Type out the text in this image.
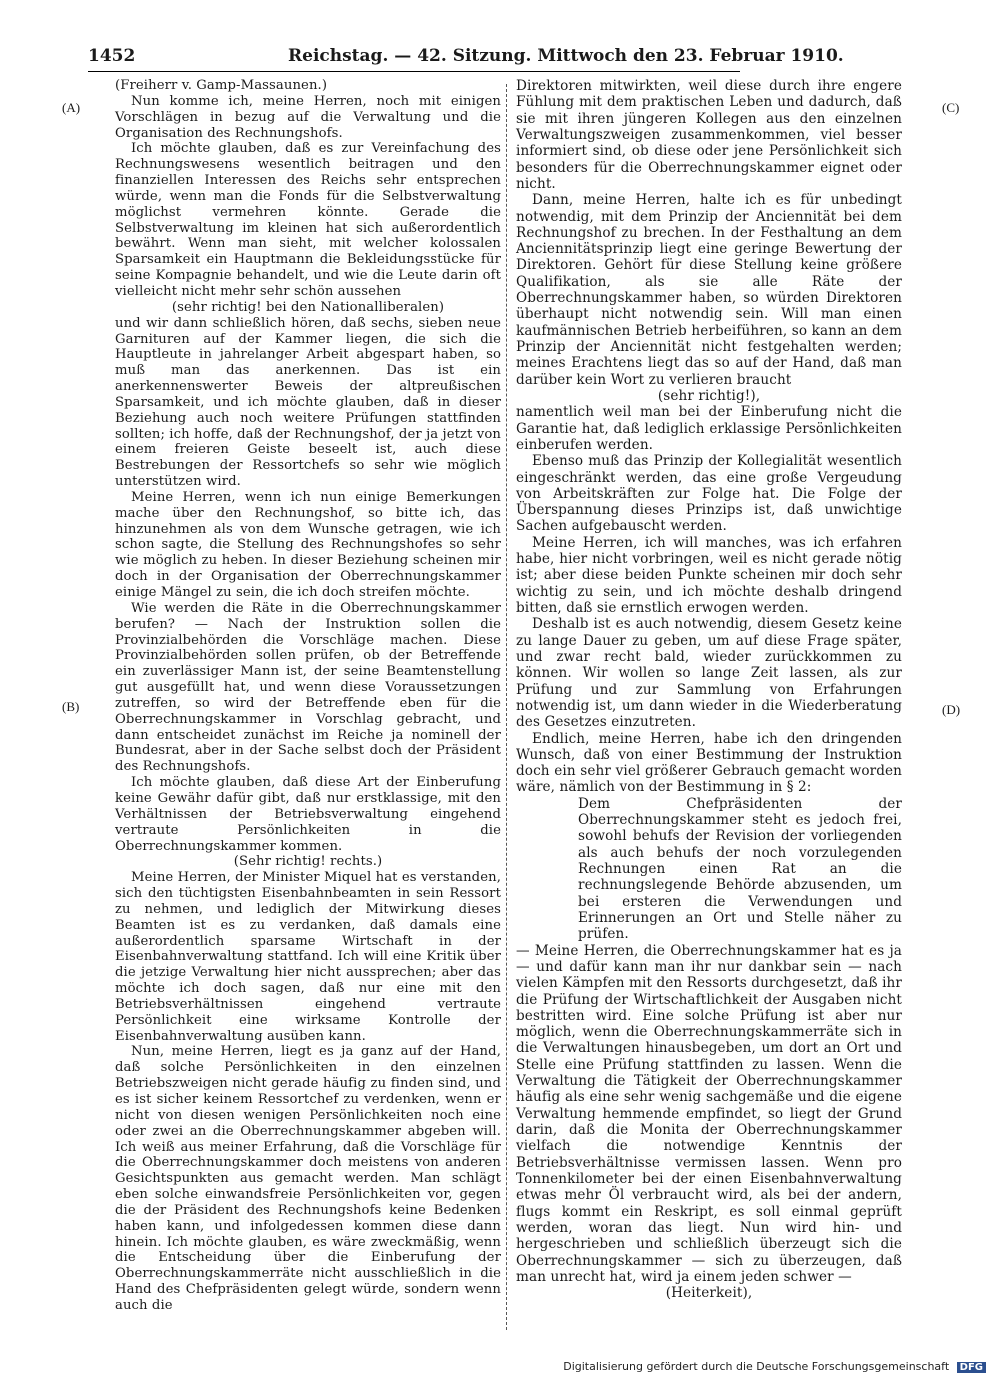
1452	Reichstag. — 42. Sitzung. Mittwoch den 23. Februar 1910.
(A)
(B)
(C)
(D)

(Freiherr v. Gamp-Massaunen.)

Nun komme ich, meine Herren, noch mit einigen Vorschlägen in bezug auf die Verwaltung und die Organisation des Rechnungshofs.

Ich möchte glauben, daß es zur Vereinfachung des Rechnungswesens wesentlich beitragen und den finanziellen Interessen des Reichs sehr entsprechen würde, wenn man die Fonds für die Selbstverwaltung möglichst vermehren könnte. Gerade die Selbstverwaltung im kleinen hat sich außerordentlich bewährt. Wenn man sieht, mit welcher kolossalen Sparsamkeit ein Hauptmann die Bekleidungsstücke für seine Kompagnie behandelt, und wie die Leute darin oft vielleicht nicht mehr sehr schön aussehen

(sehr richtig! bei den Nationalliberalen)

und wir dann schließlich hören, daß sechs, sieben neue Garnituren auf der Kammer liegen, die sich die Hauptleute in jahrelanger Arbeit abgespart haben, so muß man das anerkennen. Das ist ein anerkennenswerter Beweis der altpreußischen Sparsamkeit, und ich möchte glauben, daß in dieser Beziehung auch noch weitere Prüfungen stattfinden sollten; ich hoffe, daß der Rechnungshof, der ja jetzt von einem freieren Geiste beseelt ist, auch diese Bestrebungen der Ressortchefs so sehr wie möglich unterstützen wird.

Meine Herren, wenn ich nun einige Bemerkungen mache über den Rechnungshof, so bitte ich, das hinzunehmen als von dem Wunsche getragen, wie ich schon sagte, die Stellung des Rechnungshofes so sehr wie möglich zu heben. In dieser Beziehung scheinen mir doch in der Organisation der Oberrechnungskammer einige Mängel zu sein, die ich doch streifen möchte.

Wie werden die Räte in die Oberrechnungskammer berufen? — Nach der Instruktion sollen die Provinzialbehörden die Vorschläge machen. Diese Provinzialbehörden sollen prüfen, ob der Betreffende ein zuverlässiger Mann ist, der seine Beamtenstellung gut ausgefüllt hat, und wenn diese Voraussetzungen zutreffen, so wird der Betreffende eben für die Oberrechnungskammer in Vorschlag gebracht, und dann entscheidet zunächst im Reiche ja nominell der Bundesrat, aber in der Sache selbst doch der Präsident des Rechnungshofs.

Ich möchte glauben, daß diese Art der Einberufung keine Gewähr dafür gibt, daß nur erstklassige, mit den Verhältnissen der Betriebsverwaltung eingehend vertraute Persönlichkeiten in die Oberrechnungskammer kommen.

(Sehr richtig! rechts.)

Meine Herren, der Minister Miquel hat es verstanden, sich den tüchtigsten Eisenbahnbeamten in sein Ressort zu nehmen, und lediglich der Mitwirkung dieses Beamten ist es zu verdanken, daß damals eine außerordentlich sparsame Wirtschaft in der Eisenbahnverwaltung stattfand. Ich will eine Kritik über die jetzige Verwaltung hier nicht aussprechen; aber das möchte ich doch sagen, daß nur eine mit den Betriebsverhältnissen eingehend vertraute Persönlichkeit eine wirksame Kontrolle der Eisenbahnverwaltung ausüben kann.

Nun, meine Herren, liegt es ja ganz auf der Hand, daß solche Persönlichkeiten in den einzelnen Betriebszweigen nicht gerade häufig zu finden sind, und es ist sicher keinem Ressortchef zu verdenken, wenn er nicht von diesen wenigen Persönlichkeiten noch eine oder zwei an die Oberrechnungskammer abgeben will. Ich weiß aus meiner Erfahrung, daß die Vorschläge für die Oberrechnungskammer doch meistens von anderen Gesichtspunkten aus gemacht werden. Man schlägt eben solche einwandsfreie Persönlichkeiten vor, gegen die der Präsident des Rechnungshofs keine Bedenken haben kann, und infolgedessen kommen diese dann hinein. Ich möchte glauben, es wäre zweckmäßig, wenn die Entscheidung über die Einberufung der Oberrechnungskammerräte nicht ausschließlich in die Hand des Chefpräsidenten gelegt würde, sondern wenn auch die

Direktoren mitwirkten, weil diese durch ihre engere Fühlung mit dem praktischen Leben und dadurch, daß sie mit ihren jüngeren Kollegen aus den einzelnen Verwaltungszweigen zusammenkommen, viel besser informiert sind, ob diese oder jene Persönlichkeit sich besonders für die Oberrechnungskammer eignet oder nicht.

Dann, meine Herren, halte ich es für unbedingt notwendig, mit dem Prinzip der Anciennität bei dem Rechnungshof zu brechen. In der Festhaltung an dem Anciennitätsprinzip liegt eine geringe Bewertung der Direktoren. Gehört für diese Stellung keine größere Qualifikation, als sie alle Räte der Oberrechnungskammer haben, so würden Direktoren überhaupt nicht notwendig sein. Will man einen kaufmännischen Betrieb herbeiführen, so kann an dem Prinzip der Anciennität nicht festgehalten werden; meines Erachtens liegt das so auf der Hand, daß man darüber kein Wort zu verlieren braucht

(sehr richtig!),

namentlich weil man bei der Einberufung nicht die Garantie hat, daß lediglich erklassige Persönlichkeiten einberufen werden.

Ebenso muß das Prinzip der Kollegialität wesentlich eingeschränkt werden, das eine große Vergeudung von Arbeitskräften zur Folge hat. Die Folge der Überspannung dieses Prinzips ist, daß unwichtige Sachen aufgebauscht werden.

Meine Herren, ich will manches, was ich erfahren habe, hier nicht vorbringen, weil es nicht gerade nötig ist; aber diese beiden Punkte scheinen mir doch sehr wichtig zu sein, und ich möchte deshalb dringend bitten, daß sie ernstlich erwogen werden.

Deshalb ist es auch notwendig, diesem Gesetz keine zu lange Dauer zu geben, um auf diese Frage später, und zwar recht bald, wieder zurückkommen zu können. Wir wollen so lange Zeit lassen, als zur Prüfung und zur Sammlung von Erfahrungen notwendig ist, um dann wieder in die Wiederberatung des Gesetzes einzutreten.

Endlich, meine Herren, habe ich den dringenden Wunsch, daß von einer Bestimmung der Instruktion doch ein sehr viel größerer Gebrauch gemacht worden wäre, nämlich von der Bestimmung in § 2:

Dem Chefpräsidenten der Oberrechnungskammer steht es jedoch frei, sowohl behufs der Revision der vorliegenden als auch behufs der noch vorzulegenden Rechnungen einen Rat an die rechnungslegende Behörde abzusenden, um bei ersteren die Verwendungen und Erinnerungen an Ort und Stelle näher zu prüfen.

— Meine Herren, die Oberrechnungskammer hat es ja — und dafür kann man ihr nur dankbar sein — nach vielen Kämpfen mit den Ressorts durchgesetzt, daß ihr die Prüfung der Wirtschaftlichkeit der Ausgaben nicht bestritten wird. Eine solche Prüfung ist aber nur möglich, wenn die Oberrechnungskammerräte sich in die Verwaltungen hinausbegeben, um dort an Ort und Stelle eine Prüfung stattfinden zu lassen. Wenn die Verwaltung die Tätigkeit der Oberrechnungskammer häufig als eine sehr wenig sachgemäße und die eigene Verwaltung hemmende empfindet, so liegt der Grund darin, daß die Monita der Oberrechnungskammer vielfach die notwendige Kenntnis der Betriebsverhältnisse vermissen lassen. Wenn pro Tonnenkilometer bei der einen Eisenbahnverwaltung etwas mehr Öl verbraucht wird, als bei der andern, flugs kommt ein Reskript, es soll einmal geprüft werden, woran das liegt. Nun wird hin- und hergeschrieben und schließlich überzeugt sich die Oberrechnungskammer — sich zu überzeugen, daß man unrecht hat, wird ja einem jeden schwer —

(Heiterkeit),

Digitalisierung gefördert durch die Deutsche Forschungsgemeinschaft DFG
